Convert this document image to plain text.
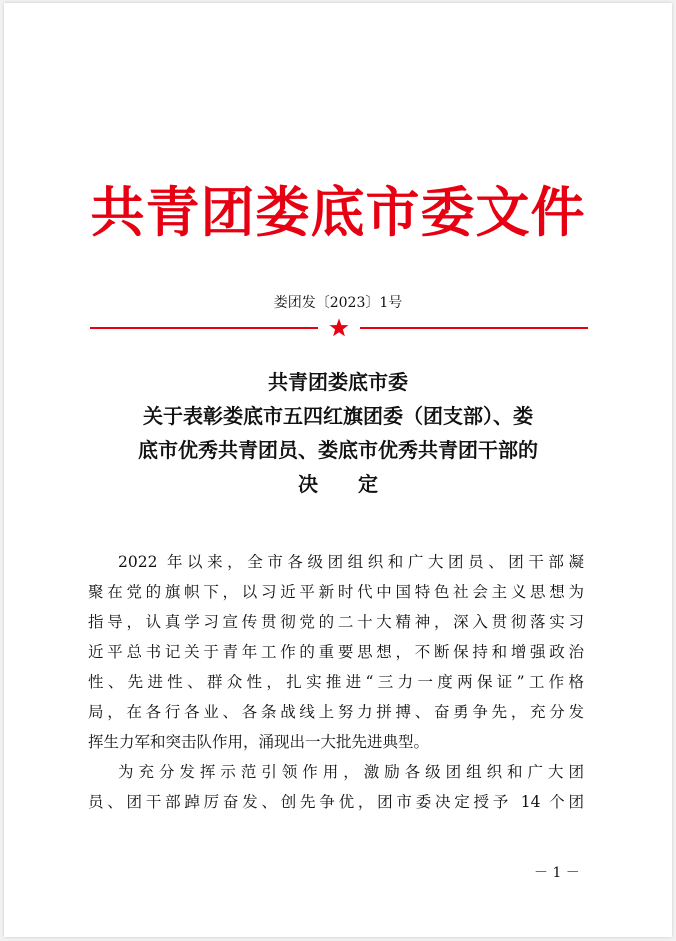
共青团娄底市委文件
娄团发〔2023〕1号
共青团娄底市委
关于表彰娄底市五四红旗团委（团支部）、娄
底市优秀共青团员、娄底市优秀共青团干部的
决　　定
2022 年以来，全市各级团组织和广大团员、团干部凝
聚在党的旗帜下，以习近平新时代中国特色社会主义思想为
指导，认真学习宣传贯彻党的二十大精神，深入贯彻落实习
近平总书记关于青年工作的重要思想，不断保持和增强政治
性、先进性、群众性，扎实推进“三力一度两保证”工作格
局，在各行各业、各条战线上努力拼搏、奋勇争先，充分发
挥生力军和突击队作用，涌现出一大批先进典型。
为充分发挥示范引领作用，激励各级团组织和广大团
员、团干部踔厉奋发、创先争优，团市委决定授予 14 个团
－ 1 －
